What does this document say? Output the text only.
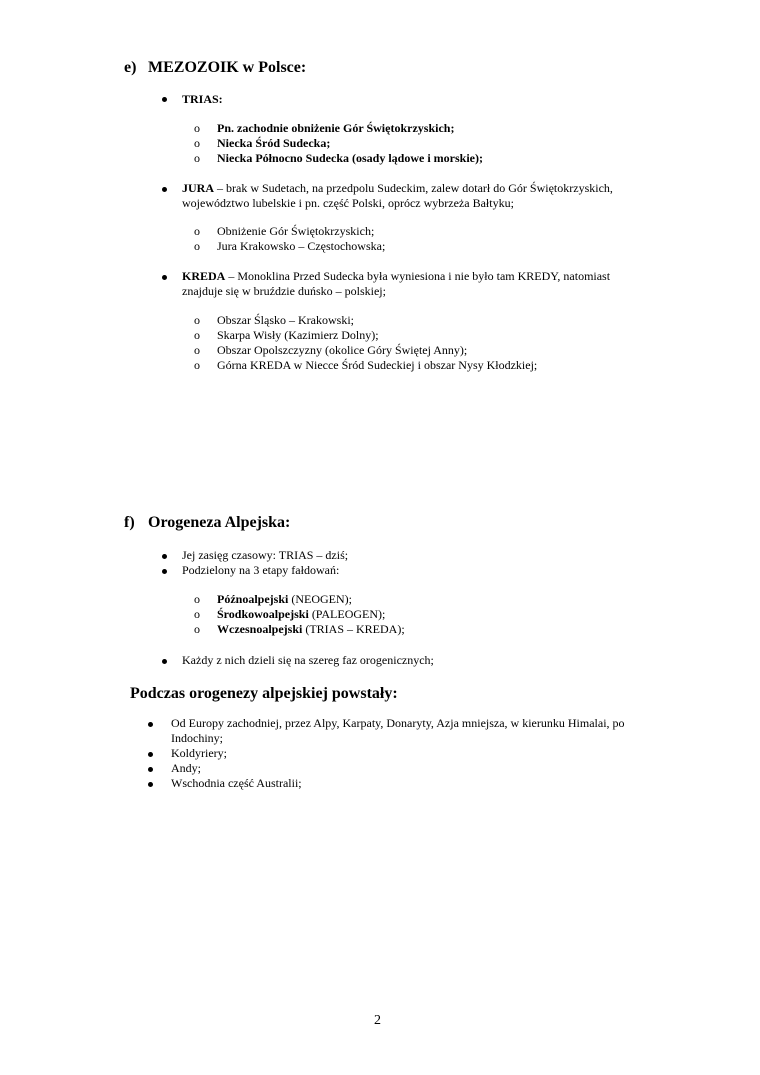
e) MEZOZOIK w Polsce:
TRIAS:
o Pn. zachodnie obniżenie Gór Świętokrzyskich;
o Niecka Śród Sudecka;
o Niecka Północno Sudecka (osady lądowe i morskie);
JURA – brak w Sudetach, na przedpolu Sudeckim, zalew dotarł do Gór Świętokrzyskich,
województwo lubelskie i pn. część Polski, oprócz wybrzeża Bałtyku;
o Obniżenie Gór Świętokrzyskich;
o Jura Krakowsko – Częstochowska;
KREDA – Monoklina Przed Sudecka była wyniesiona i nie było tam KREDY, natomiast
znajduje się w bruździe duńsko – polskiej;
o Obszar Śląsko – Krakowski;
o Skarpa Wisły (Kazimierz Dolny);
o Obszar Opolszczyzny (okolice Góry Świętej Anny);
o Górna KREDA w Niecce Śród Sudeckiej i obszar Nysy Kłodzkiej;
f) Orogeneza Alpejska:
Jej zasięg czasowy: TRIAS – dziś;
Podzielony na 3 etapy fałdowań:
o Późnoalpejski (NEOGEN);
o Środkowoalpejski (PALEOGEN);
o Wczesnoalpejski (TRIAS – KREDA);
Każdy z nich dzieli się na szereg faz orogenicznych;
Podczas orogenezy alpejskiej powstały:
Od Europy zachodniej, przez Alpy, Karpaty, Donaryty, Azja mniejsza, w kierunku Himalai, po
Indochiny;
Koldyriery;
Andy;
Wschodnia część Australii;
2
